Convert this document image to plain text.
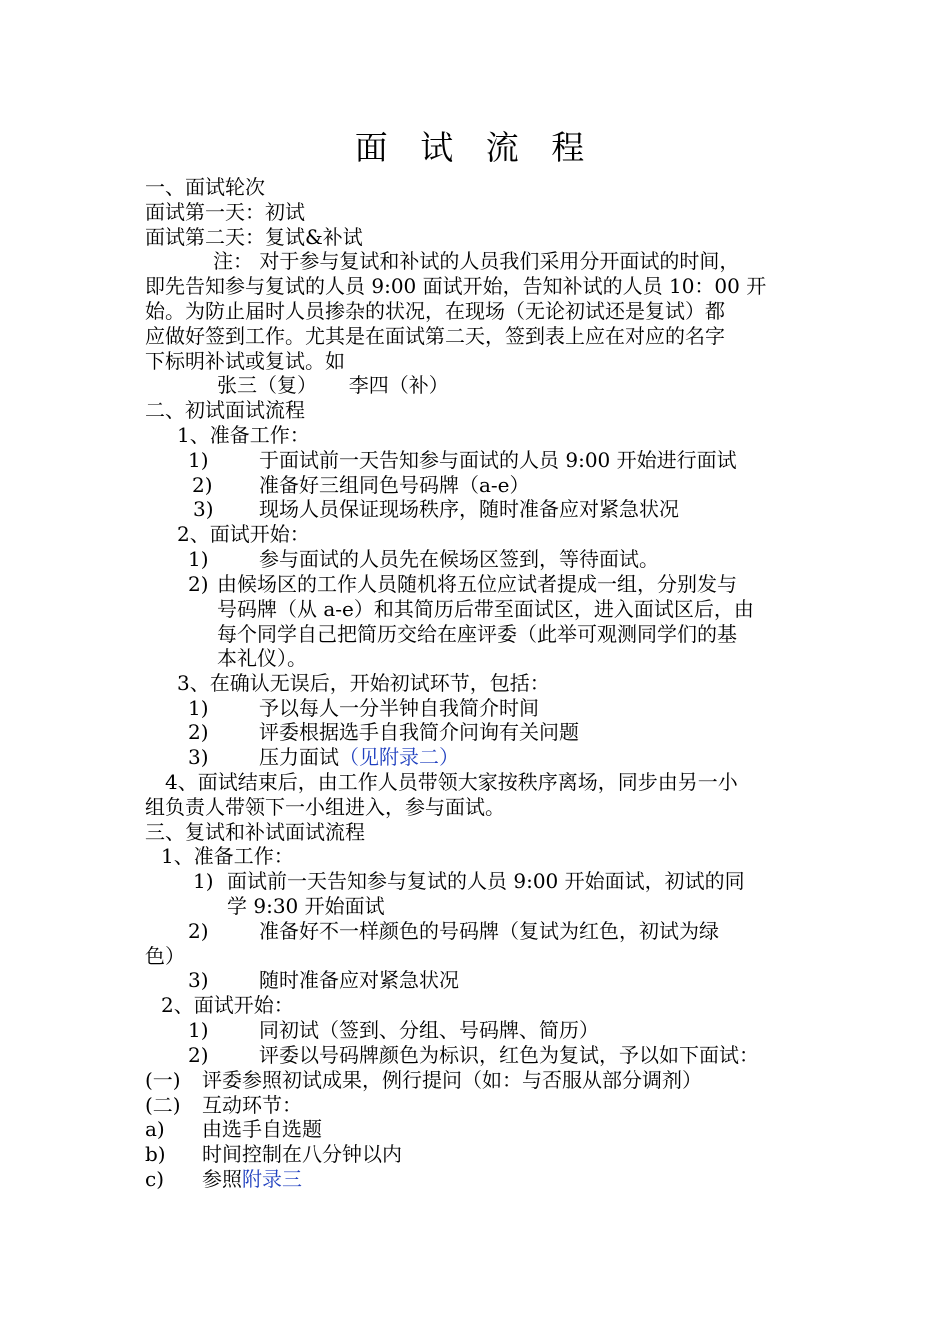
面 试 流 程
一、面试轮次
面试第一天：初试
面试第二天：复试&补试
注： 对于参与复试和补试的人员我们采用分开面试的时间，
即先告知参与复试的人员 9:00 面试开始，告知补试的人员 10：00 开
始。为防止届时人员掺杂的状况，在现场（无论初试还是复试）都
应做好签到工作。尤其是在面试第二天，签到表上应在对应的名字
下标明补试或复试。如
张三（复）     李四（补）
二、初试面试流程
1、准备工作：
1)	于面试前一天告知参与面试的人员 9:00 开始进行面试
2) 准备好三组同色号码牌（a-e）
3) 现场人员保证现场秩序，随时准备应对紧急状况
2、面试开始：
1)	参与面试的人员先在候场区签到，等待面试。
2) 由候场区的工作人员随机将五位应试者提成一组，分别发与
号码牌（从 a-e）和其简历后带至面试区，进入面试区后，由
每个同学自己把简历交给在座评委（此举可观测同学们的基
本礼仪）。
3、在确认无误后，开始初试环节，包括：
1)	予以每人一分半钟自我简介时间
2)	评委根据选手自我简介问询有关问题
3)	压力面试（见附录二）
4、面试结束后，由工作人员带领大家按秩序离场，同步由另一小
组负责人带领下一小组进入，参与面试。
三、复试和补试面试流程
1、准备工作：
1) 面试前一天告知参与复试的人员 9:00 开始面试，初试的同
学 9:30 开始面试
2)	准备好不一样颜色的号码牌（复试为红色，初试为绿
色）
3)	随时准备应对紧急状况
2、面试开始：
1)	同初试（签到、分组、号码牌、简历）
2)	评委以号码牌颜色为标识，红色为复试，予以如下面试：
(一) 评委参照初试成果，例行提问（如：与否服从部分调剂）
(二) 互动环节：
a) 由选手自选题
b) 时间控制在八分钟以内
c) 参照附录三
